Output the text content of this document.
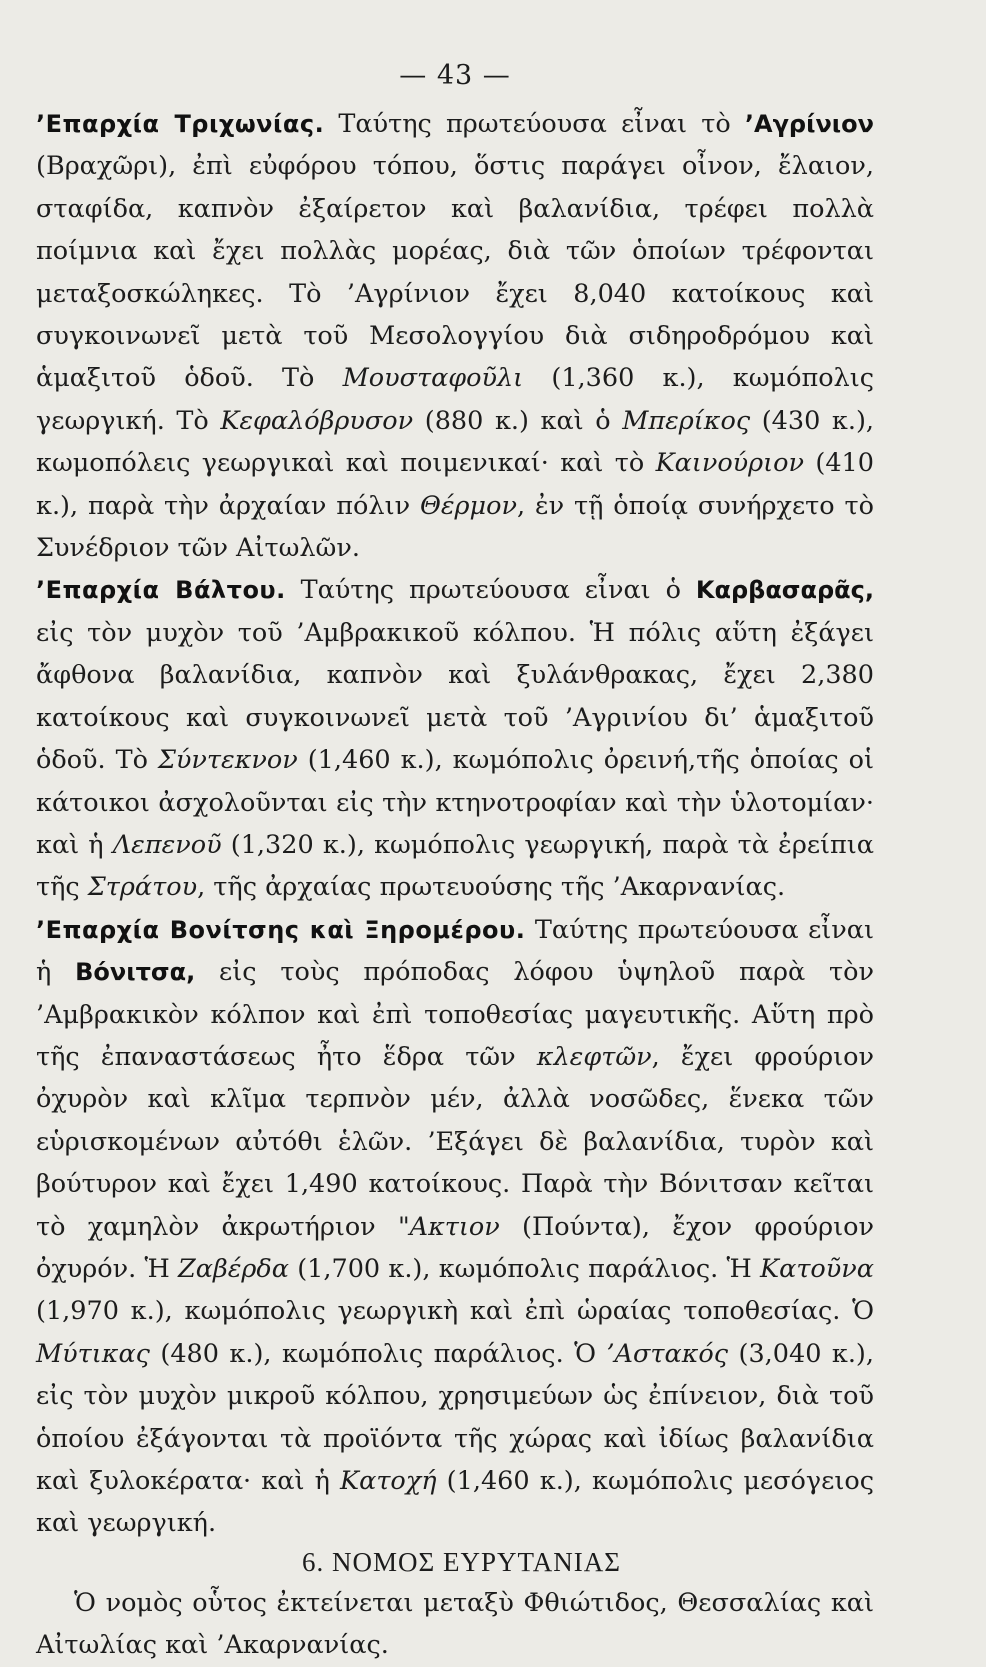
— 43 —

’Επαρχία Τριχωνίας. Ταύτης πρωτεύουσα εἶναι τὸ ’Αγρίνιον (Βραχῶρι), ἐπὶ εὐφόρου τόπου, ὅστις παράγει οἶνον, ἔλαιον, σταφίδα, καπνὸν ἐξαίρετον καὶ βαλανίδια, τρέφει πολλὰ ποίμνια καὶ ἔχει πολλὰς μορέας, διὰ τῶν ὁποίων τρέφονται μεταξοσκώληκες. Τὸ ’Αγρίνιον ἔχει 8,040 κατοίκους καὶ συγκοινωνεῖ μετὰ τοῦ Μεσολογγίου διὰ σιδηροδρόμου καὶ ἁμαξιτοῦ ὁδοῦ. Τὸ Μουσταφοῦλι (1,360 κ.), κωμόπολις γεωργική. Τὸ Κεφαλόβρυσον (880 κ.) καὶ ὁ Μπερίκος (430 κ.), κωμοπόλεις γεωργικαὶ καὶ ποιμενικαί· καὶ τὸ Καινούριον (410 κ.), παρὰ τὴν ἀρχαίαν πόλιν Θέρμον, ἐν τῇ ὁποίᾳ συνήρχετο τὸ Συνέδριον τῶν Αἰτωλῶν.

’Επαρχία Βάλτου. Ταύτης πρωτεύουσα εἶναι ὁ Καρβασαρᾶς, εἰς τὸν μυχὸν τοῦ ’Αμβρακικοῦ κόλπου. Ἡ πόλις αὕτη ἐξάγει ἄφθονα βαλανίδια, καπνὸν καὶ ξυλάνθρακας, ἔχει 2,380 κατοίκους καὶ συγκοινωνεῖ μετὰ τοῦ ’Αγρινίου δι’ ἁμαξιτοῦ ὁδοῦ. Τὸ Σύντεκνον (1,460 κ.), κωμόπολις ὀρεινή,τῆς ὁποίας οἱ κάτοικοι ἀσχολοῦνται εἰς τὴν κτηνοτροφίαν καὶ τὴν ὑλοτομίαν· καὶ ἡ Λεπενοῦ (1,320 κ.), κωμόπολις γεωργική, παρὰ τὰ ἐρείπια τῆς Στράτου, τῆς ἀρχαίας πρωτευούσης τῆς ’Ακαρνανίας.

’Επαρχία Βονίτσης καὶ Ξηρομέρου. Ταύτης πρωτεύουσα εἶναι ἡ Βόνιτσα, εἰς τοὺς πρόποδας λόφου ὑψηλοῦ παρὰ τὸν ’Αμβρακικὸν κόλπον καὶ ἐπὶ τοποθεσίας μαγευτικῆς. Αὕτη πρὸ τῆς ἐπαναστάσεως ἦτο ἕδρα τῶν κλεφτῶν, ἔχει φρούριον ὀχυρὸν καὶ κλῖμα τερπνὸν μέν, ἀλλὰ νοσῶδες, ἕνεκα τῶν εὑρισκομένων αὐτόθι ἑλῶν. ’Εξάγει δὲ βαλανίδια, τυρὸν καὶ βούτυρον καὶ ἔχει 1,490 κατοίκους. Παρὰ τὴν Βόνιτσαν κεῖται τὸ χαμηλὸν ἀκρωτήριον "Ακτιον (Πούντα), ἔχον φρούριον ὀχυρόν. Ἡ Ζαβέρδα (1,700 κ.), κωμόπολις παράλιος. Ἡ Κατοῦνα (1,970 κ.), κωμόπολις γεωργικὴ καὶ ἐπὶ ὡραίας τοποθεσίας. Ὁ Μύτικας (480 κ.), κωμόπολις παράλιος. Ὁ ’Αστακός (3,040 κ.), εἰς τὸν μυχὸν μικροῦ κόλπου, χρησιμεύων ὡς ἐπίνειον, διὰ τοῦ ὁποίου ἐξάγονται τὰ προϊόντα τῆς χώρας καὶ ἰδίως βαλανίδια καὶ ξυλοκέρατα· καὶ ἡ Κατοχή (1,460 κ.), κωμόπολις μεσόγειος καὶ γεωργική.

6. ΝΟΜΟΣ ΕΥΡΥΤΑΝΙΑΣ

Ὁ νομὸς οὗτος ἐκτείνεται μεταξὺ Φθιώτιδος, Θεσσαλίας καὶ Αἰτωλίας καὶ ’Ακαρνανίας.
